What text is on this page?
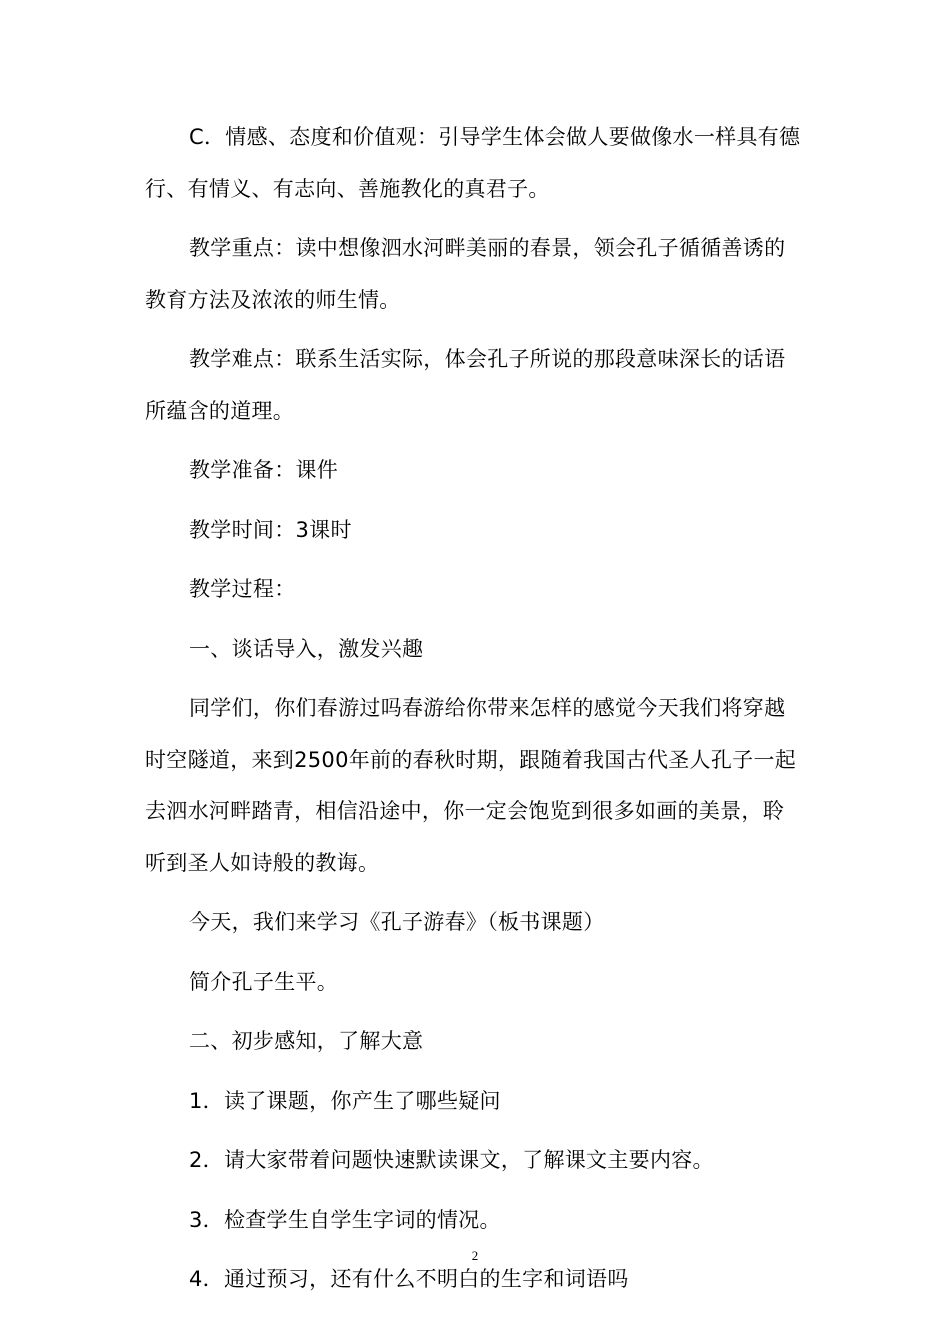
C．情感、态度和价值观：引导学生体会做人要做像水一样具有德行、有情义、有志向、善施教化的真君子。

教学重点：读中想像泗水河畔美丽的春景，领会孔子循循善诱的教育方法及浓浓的师生情。

教学难点：联系生活实际，体会孔子所说的那段意味深长的话语所蕴含的道理。

教学准备：课件

教学时间：3课时

教学过程：

一、谈话导入，激发兴趣

同学们，你们春游过吗春游给你带来怎样的感觉今天我们将穿越时空隧道，来到2500年前的春秋时期，跟随着我国古代圣人孔子一起去泗水河畔踏青，相信沿途中，你一定会饱览到很多如画的美景，聆听到圣人如诗般的教诲。

今天，我们来学习《孔子游春》（板书课题）

简介孔子生平。

二、初步感知，了解大意

1．读了课题，你产生了哪些疑问

2．请大家带着问题快速默读课文，了解课文主要内容。

3．检查学生自学生字词的情况。

4．通过预习，还有什么不明白的生字和词语吗

2
